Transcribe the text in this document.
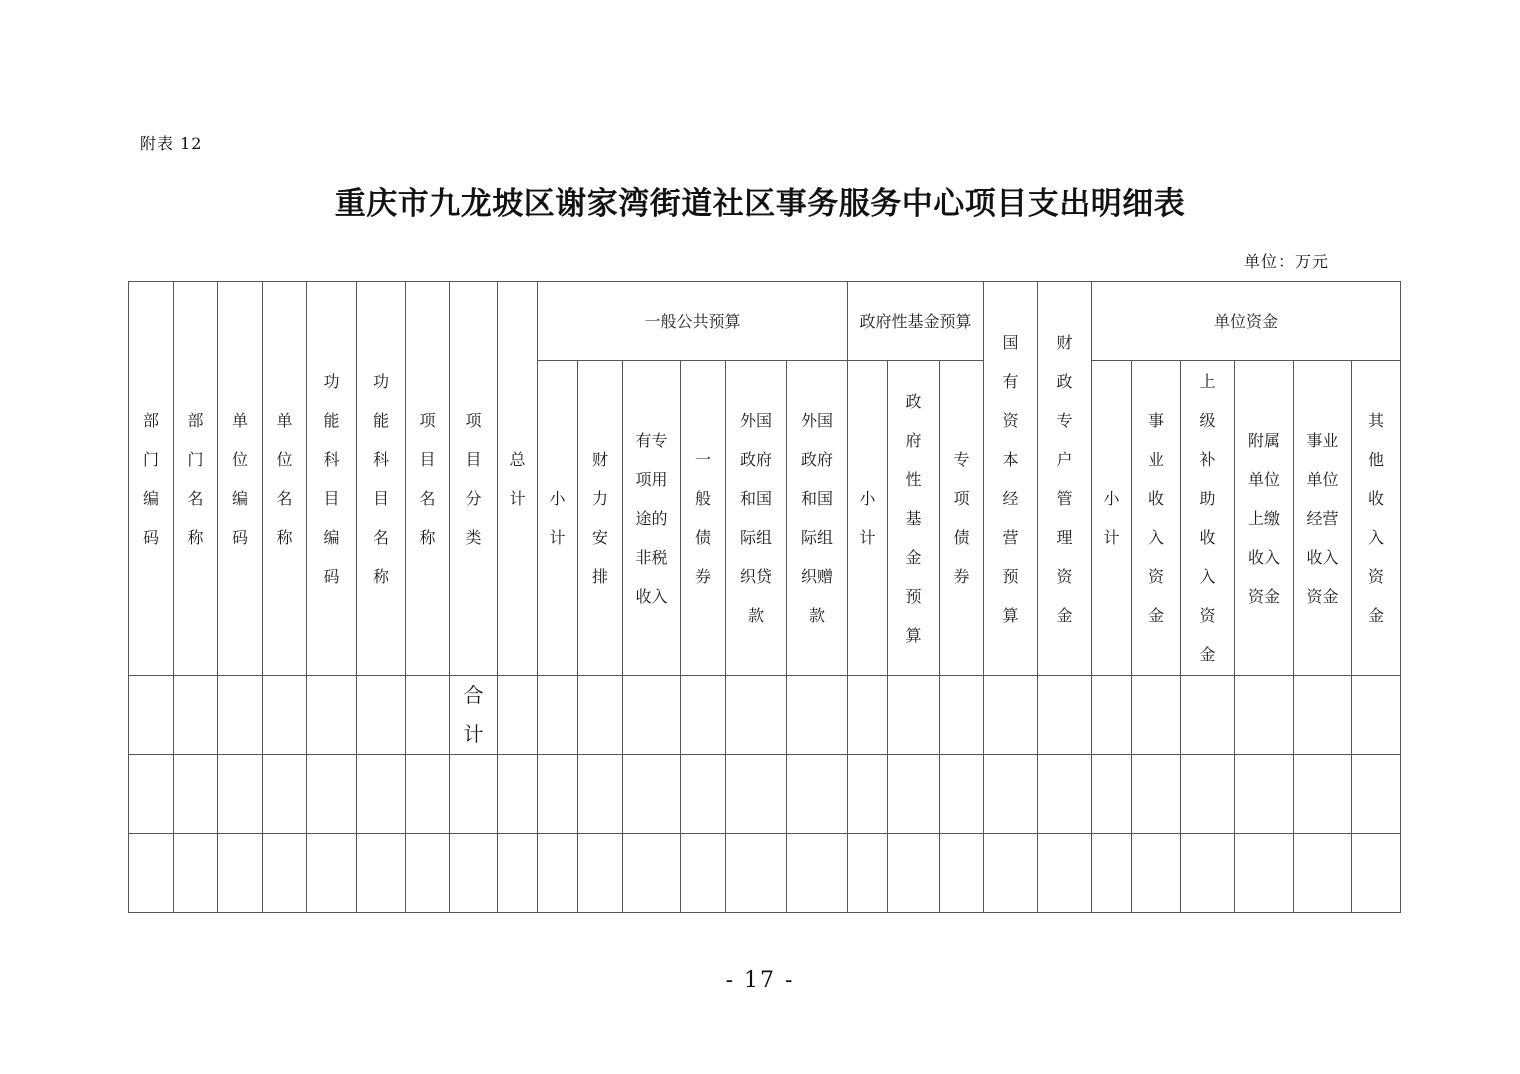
附表 12
重庆市九龙坡区谢家湾街道社区事务服务中心项目支出明细表
单位：万元
部门编码	部门名称	单位编码	单位名称	功能科目编码	功能科目名称	项目名称	项目分类	总计	一般公共预算						政府性基金预算			国有资本经营预算	财政专户管理资金	单位资金					
									小计	财力安排	有专项用途的非税收入	一般债券	外国政府和国际组织贷款	外国政府和国际组织赠款	小计	政府性基金预算	专项债券			小计	事业收入资金	上级补助收入资金	附属单位上缴收入资金	事业单位经营收入资金	其他收入资金
							合计																		

- 17 -
